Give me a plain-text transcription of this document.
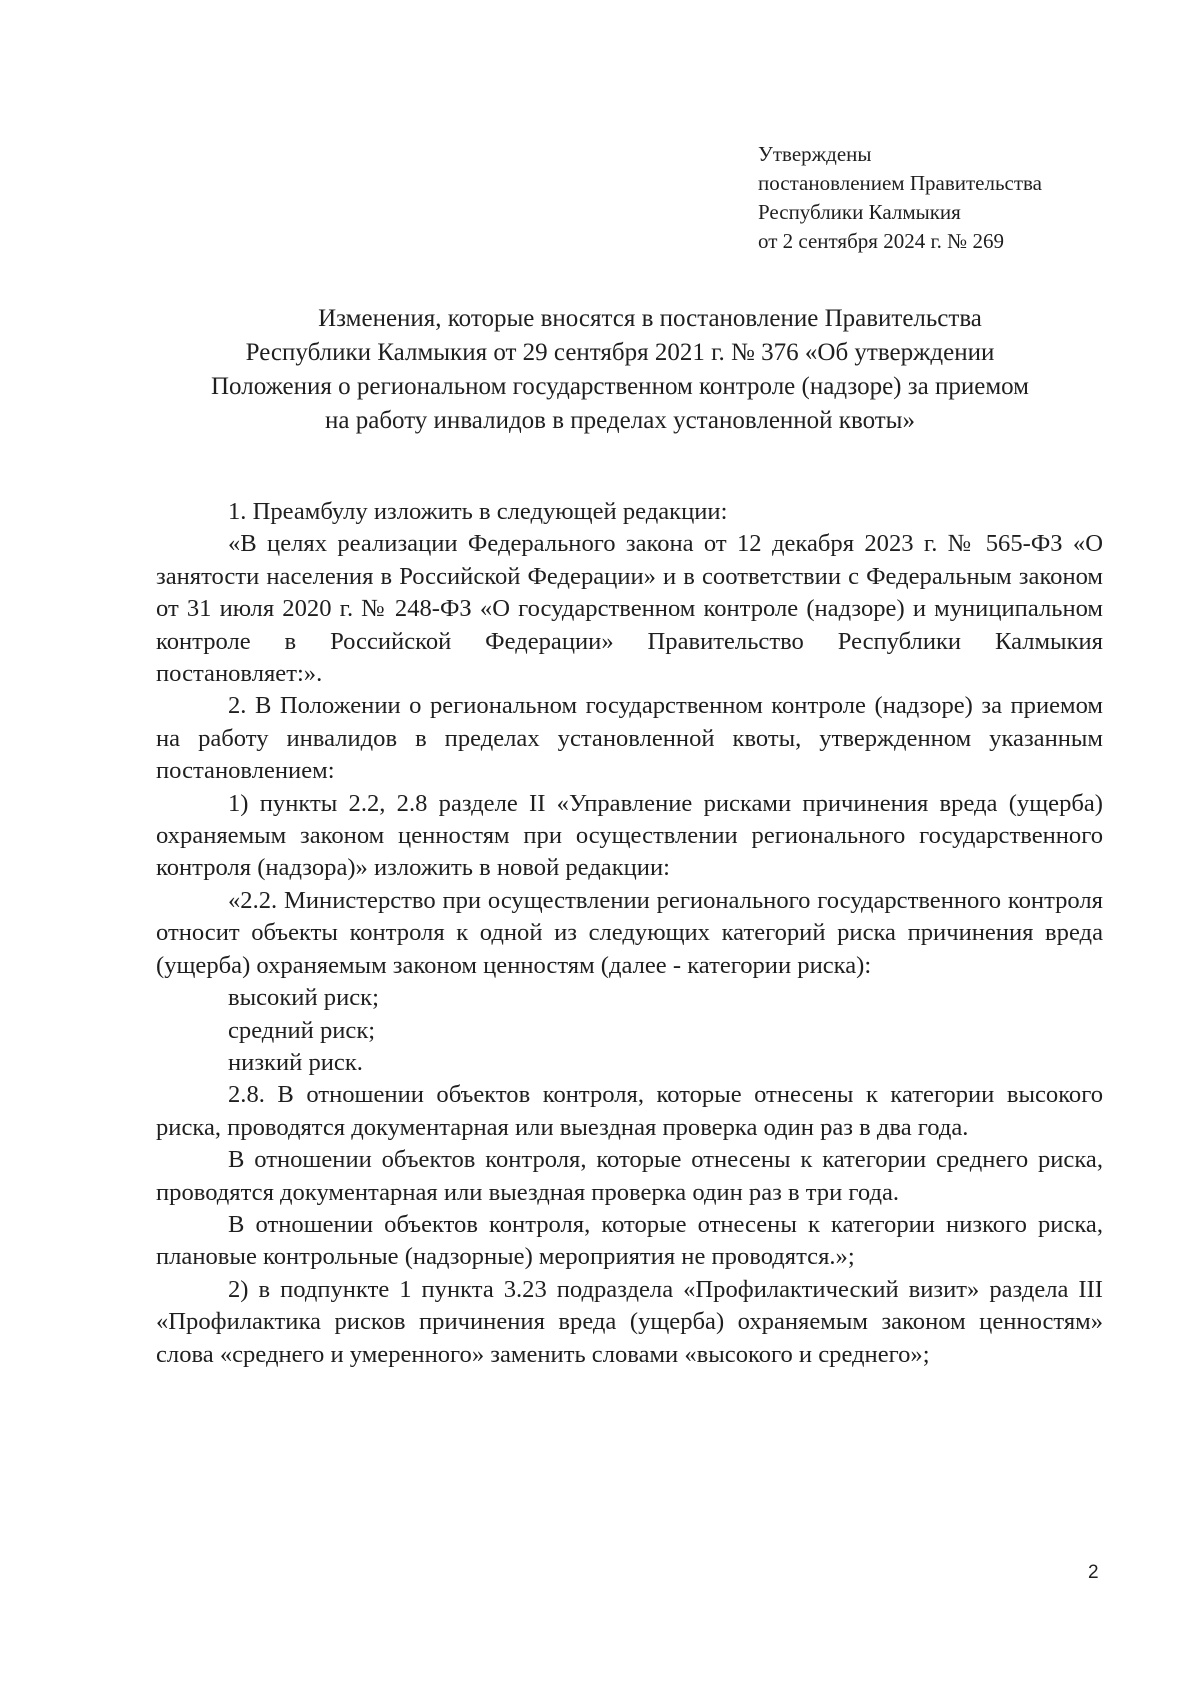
Утверждены
постановлением Правительства
Республики Калмыкия
от 2 сентября 2024 г. № 269
Изменения, которые вносятся в постановление Правительства
Республики Калмыкия от 29 сентября 2021 г. № 376 «Об утверждении
Положения о региональном государственном контроле (надзоре) за приемом
на работу инвалидов в пределах установленной квоты»

1. Преамбулу изложить в следующей редакции:

«В целях реализации Федерального закона от 12 декабря 2023 г. № 565-ФЗ «О занятости населения в Российской Федерации» и в соответствии с Федеральным законом от 31 июля 2020 г. № 248-ФЗ «О государственном контроле (надзоре) и муниципальном контроле в Российской Федерации» Правительство Республики Калмыкия постановляет:».

2. В Положении о региональном государственном контроле (надзоре) за приемом на работу инвалидов в пределах установленной квоты, утвержденном указанным постановлением:

1) пункты 2.2, 2.8 разделе II «Управление рисками причинения вреда (ущерба) охраняемым законом ценностям при осуществлении регионального государственного контроля (надзора)» изложить в новой редакции:

«2.2. Министерство при осуществлении регионального государственного контроля относит объекты контроля к одной из следующих категорий риска причинения вреда (ущерба) охраняемым законом ценностям (далее - категории риска):

высокий риск;

средний риск;

низкий риск.

2.8. В отношении объектов контроля, которые отнесены к категории высокого риска, проводятся документарная или выездная проверка один раз в два года.

В отношении объектов контроля, которые отнесены к категории среднего риска, проводятся документарная или выездная проверка один раз в три года.

В отношении объектов контроля, которые отнесены к категории низкого риска, плановые контрольные (надзорные) мероприятия не проводятся.»;

2) в подпункте 1 пункта 3.23 подраздела «Профилактический визит» раздела III «Профилактика рисков причинения вреда (ущерба) охраняемым законом ценностям» слова «среднего и умеренного» заменить словами «высокого и среднего»;

2
